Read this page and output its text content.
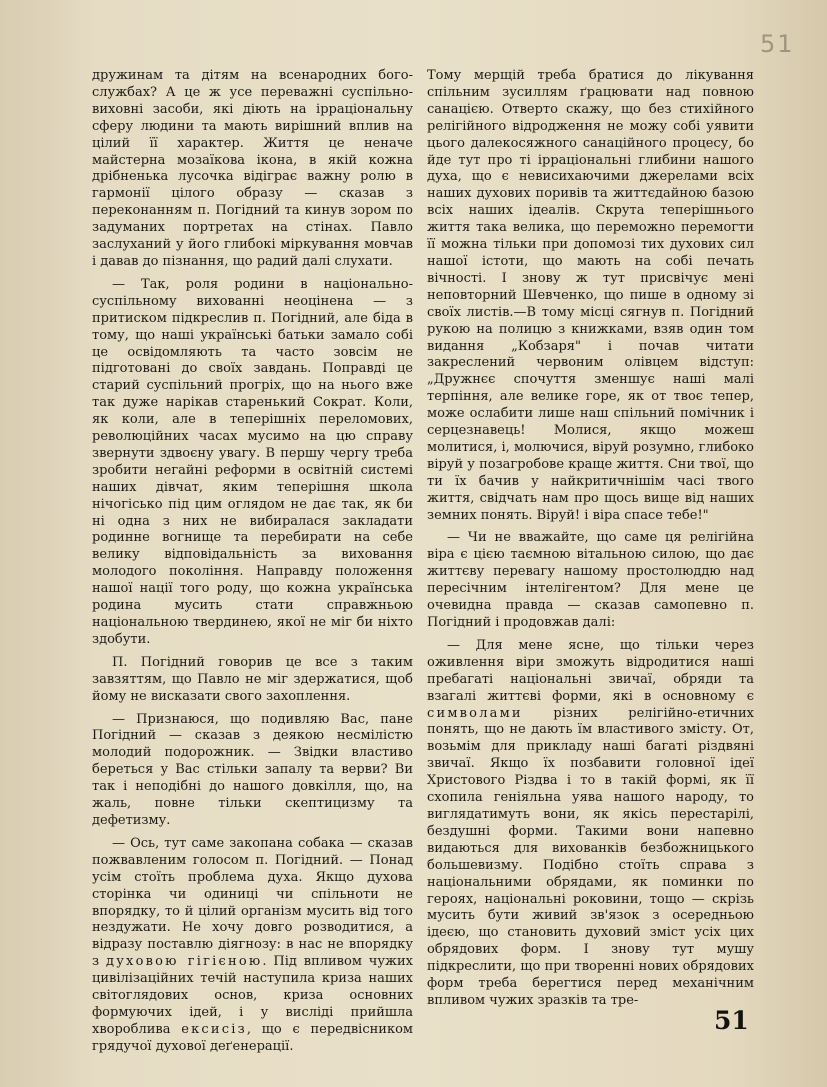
51

дружинам та дітям на всенародних бого-службах? А це ж усе переважні суспільно-виховні засоби, які діють на ірраціональну сферу людини та мають вирішний вплив на цілий її характер. Життя це неначе майстерна мозаїкова ікона, в якій кожна дрібненька лусочка відіграє важну ролю в гармонії цілого образу — сказав з переконанням п. Погідний та кинув зором по задуманих портретах на стінах. Павло заслуханий у його глибокі міркування мовчав і давав до пізнання, що радий далі слухати.

— Так, роля родини в національно-суспільному вихованні неоцінена — з притиском підкреслив п. Погідний, але біда в тому, що наші українські батьки замало собі це освідомляють та часто зовсім не підготовані до своїх завдань. Поправді це старий суспільний прогріх, що на нього вже так дуже нарікав старенький Сократ. Коли, як коли, але в теперішніх переломових, революційних часах мусимо на цю справу звернути здвоєну увагу. В першу чергу треба зробити негайні реформи в освітній системі наших дівчат, яким теперішня школа нічогісько під цим оглядом не дає так, як би ні одна з них не вибиралася закладати родинне вогнище та перебирати на себе велику відповідальність за виховання молодого покоління. Направду положення нашої нації того роду, що кожна українська родина мусить стати справжньою національною твердинею, якої не міг би ніхто здобути.

П. Погідний говорив це все з таким завзяттям, що Павло не міг здержатися, щоб йому не висказати свого захоплення.

— Признаюся, що подивляю Вас, пане Погідний — сказав з деякою несмілістю молодий подорожник. — Звідки властиво береться у Вас стільки запалу та верви? Ви так і неподібні до нашого довкілля, що, на жаль, повне тільки скептицизму та дефетизму.

— Ось, тут саме закопана собака — сказав пожвавленим голосом п. Погідний. — Понад усім стоїть проблема духа. Якщо духова сторінка чи одиниці чи спільноти не впорядку, то й цілий організм мусить від того нездужати. Не хочу довго розводитися, а відразу поставлю діягнозу: в нас не впорядку з духовою гігієною. Під впливом чужих цивілізаційних течій наступила криза наших світоглядових основ, криза основних формуючих ідей, і у висліді прийшла хвороблива ексисіз, що є передвісником грядучої духової деґенерації.

Тому мерщій треба братися до лікування спільним зусиллям ґрацювати над повною санацією. Отверто скажу, що без стихійного релігійного відродження не можу собі уявити цього далекосяжного санаційного процесу, бо йде тут про ті ірраціональні глибини нашого духа, що є невисихаючими джерелами всіх наших духових поривів та життєдайною базою всіх наших ідеалів. Скрута теперішнього життя така велика, що переможно перемогти її можна тільки при допомозі тих духових сил нашої істоти, що мають на собі печать вічності. І знову ж тут присвічує мені неповторний Шевченко, що пише в одному зі своїх листів.—В тому місці сягнув п. Погідний рукою на полицю з книжками, взяв один том видання „Кобзаря" і почав читати закреслений червоним олівцем відступ: „Дружнєє спочуття зменшує наші малі терпіння, але велике горе, як от твоє тепер, може ослабити лише наш спільний помічник і серцезнавець! Молися, якщо можеш молитися, і, молючися, віруй розумно, глибоко віруй у позагробове краще життя. Сни твої, що ти їх бачив у найкритичнішім часі твого життя, свідчать нам про щось вище від наших земних понять. Віруй! і віра спасе тебе!"

— Чи не вважайте, що саме ця релігійна віра є цією таємною вітальною силою, що дає життєву перевагу нашому простолюддю над пересічним інтелігентом? Для мене це очевидна правда — сказав самопевно п. Погідний і продовжав далі:

— Для мене ясне, що тільки через оживлення віри зможуть відродитися наші пребагаті національні звичаї, обряди та взагалі життєві форми, які в основному є символами різних релігійно-етичних понять, що не дають їм властивого змісту. От, возьмім для прикладу наші багаті різдвяні звичаї. Якщо їх позбавити головної ідеї Христового Різдва і то в такій формі, як її схопила геніяльна уява нашого народу, то виглядатимуть вони, як якісь перестарілі, бездушні форми. Такими вони напевно видаються для вихованків безбожницького большевизму. Подібно стоїть справа з національними обрядами, як поминки по героях, національні роковини, тощо — скрізь мусить бути живий зв'язок з осередньою ідеєю, що становить духовий зміст усіх цих обрядових форм. І знову тут мушу підкреслити, що при творенні нових обрядових форм треба берегтися перед механічним впливом чужих зразків та тре-

51
